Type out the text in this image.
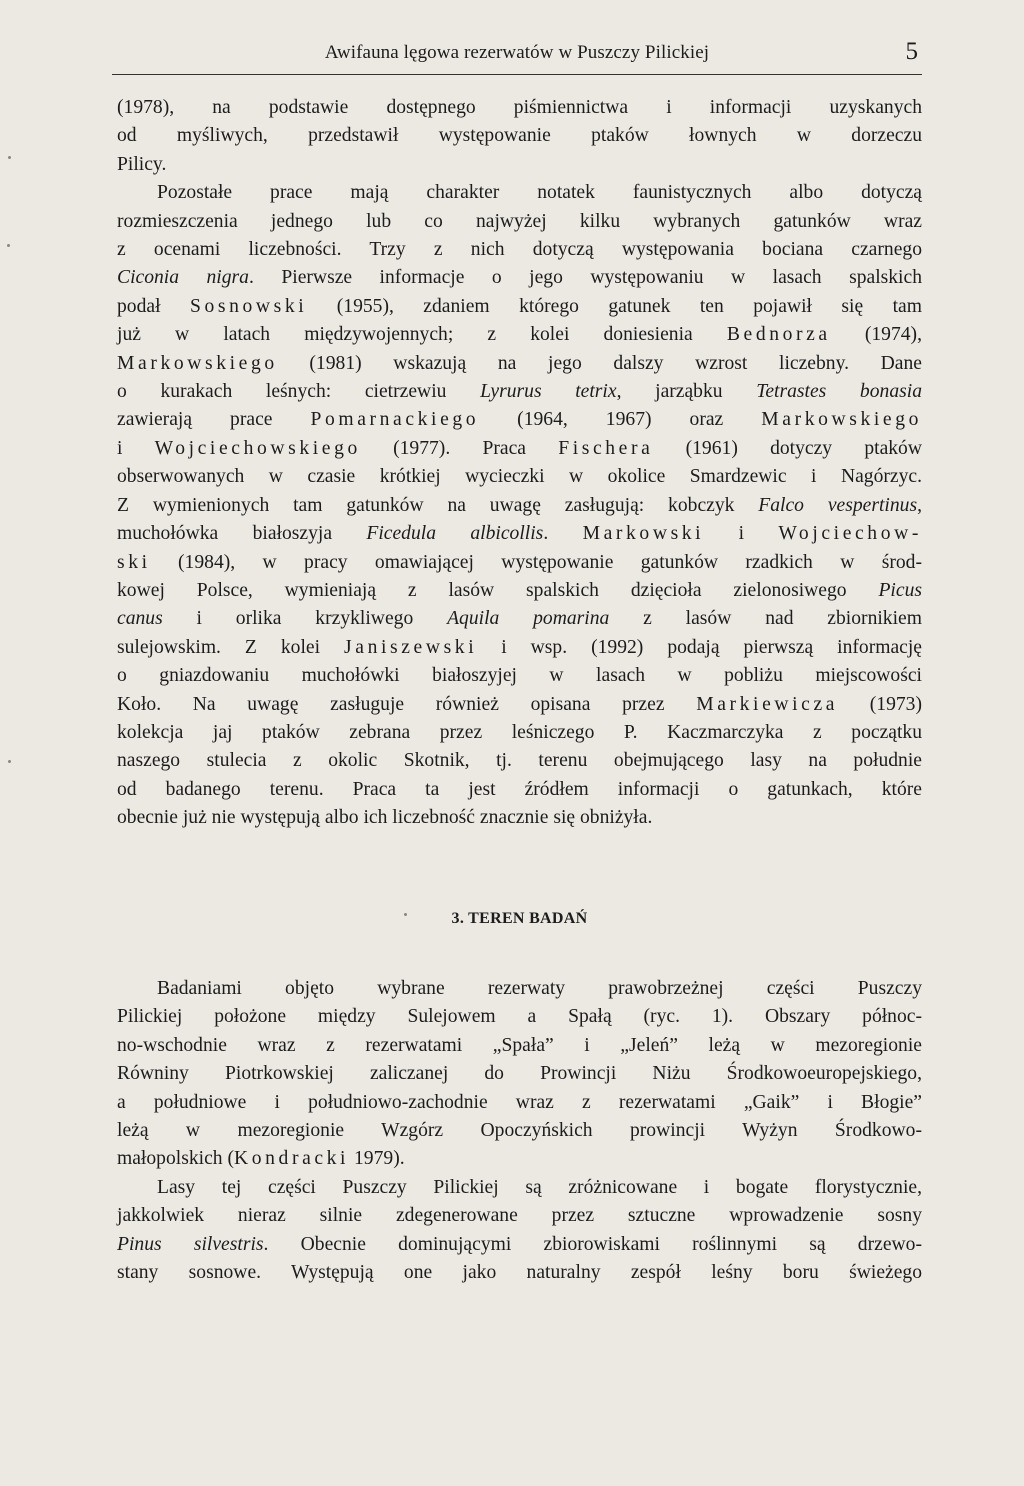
Awifauna lęgowa rezerwatów w Puszczy Pilickiej	5
(1978), na podstawie dostępnego piśmiennictwa i informacji uzyskanych
od myśliwych, przedstawił występowanie ptaków łownych w dorzeczu
Pilicy.
Pozostałe prace mają charakter notatek faunistycznych albo dotyczą
rozmieszczenia jednego lub co najwyżej kilku wybranych gatunków wraz
z ocenami liczebności. Trzy z nich dotyczą występowania bociana czarnego
Ciconia nigra. Pierwsze informacje o jego występowaniu w lasach spalskich
podał Sosnowski (1955), zdaniem którego gatunek ten pojawił się tam
już w latach międzywojennych; z kolei doniesienia Bednorza (1974),
Markowskiego (1981) wskazują na jego dalszy wzrost liczebny. Dane
o kurakach leśnych: cietrzewiu Lyrurus tetrix, jarząbku Tetrastes bonasia
zawierają prace Pomarnackiego (1964, 1967) oraz Markowskiego
i Wojciechowskiego (1977). Praca Fischera (1961) dotyczy ptaków
obserwowanych w czasie krótkiej wycieczki w okolice Smardzewic i Nagórzyc.
Z wymienionych tam gatunków na uwagę zasługują: kobczyk Falco vespertinus,
muchołówka białoszyja Ficedula albicollis. Markowski i Wojciechow-
ski (1984), w pracy omawiającej występowanie gatunków rzadkich w środ-
kowej Polsce, wymieniają z lasów spalskich dzięcioła zielonosiwego Picus
canus i orlika krzykliwego Aquila pomarina z lasów nad zbiornikiem
sulejowskim. Z kolei Janiszewski i wsp. (1992) podają pierwszą informację
o gniazdowaniu muchołówki białoszyjej w lasach w pobliżu miejscowości
Koło. Na uwagę zasługuje również opisana przez Markiewicza (1973)
kolekcja jaj ptaków zebrana przez leśniczego P. Kaczmarczyka z początku
naszego stulecia z okolic Skotnik, tj. terenu obejmującego lasy na południe
od badanego terenu. Praca ta jest źródłem informacji o gatunkach, które
obecnie już nie występują albo ich liczebność znacznie się obniżyła.
3. TEREN BADAŃ
Badaniami objęto wybrane rezerwaty prawobrzeżnej części Puszczy
Pilickiej położone między Sulejowem a Spałą (ryc. 1). Obszary północ-
no-wschodnie wraz z rezerwatami „Spała” i „Jeleń” leżą w mezoregionie
Równiny Piotrkowskiej zaliczanej do Prowincji Niżu Środkowoeuropejskiego,
a południowe i południowo-zachodnie wraz z rezerwatami „Gaik” i Błogie”
leżą w mezoregionie Wzgórz Opoczyńskich prowincji Wyżyn Środkowo-
małopolskich (Kondracki 1979).
Lasy tej części Puszczy Pilickiej są zróżnicowane i bogate florystycznie,
jakkolwiek nieraz silnie zdegenerowane przez sztuczne wprowadzenie sosny
Pinus silvestris. Obecnie dominującymi zbiorowiskami roślinnymi są drzewo-
stany sosnowe. Występują one jako naturalny zespół leśny boru świeżego
